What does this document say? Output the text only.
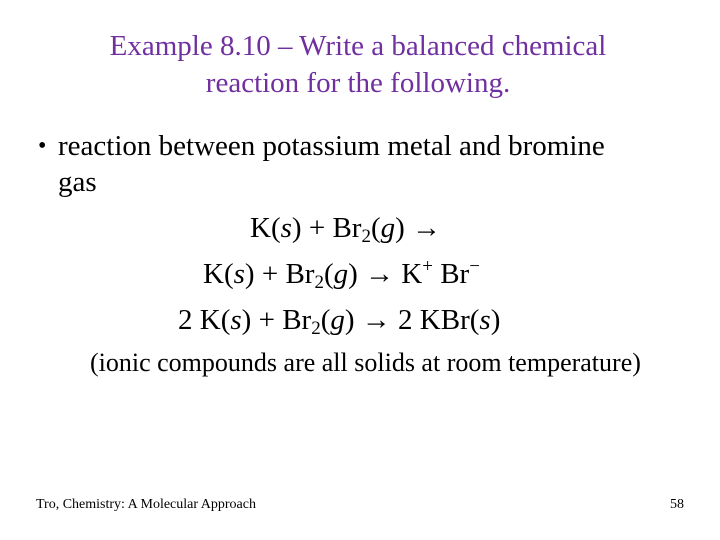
Example 8.10 – Write a balanced chemical
reaction for the following.
• reaction between potassium metal and bromine
gas
$K(s) + Br_2(g)$ →
$K(s) + Br_2(g) \to K^+$ Br−
2 $K(s) + Br_2(g) \to 2$ KBr(s)
(ionic compounds are all solids at room temperature)
Tro, Chemistry: A Molecular Approach	58
